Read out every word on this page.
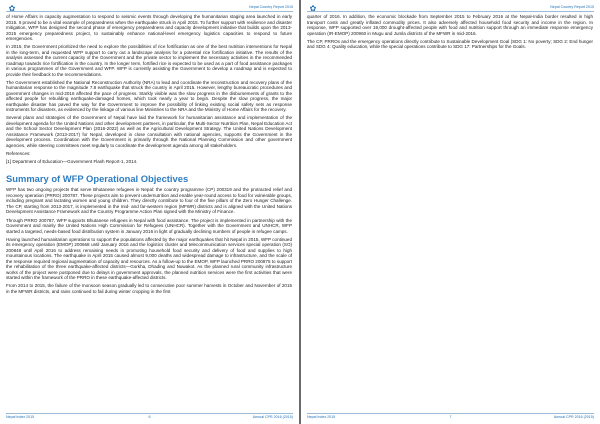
✿	Nepal Country Report 2015

of Home Affairs in capacity augmentation to respond to seismic events through developing the humanitarian staging area launched in early 2015. It proved to be a vital example of preparedness when the earthquake struck in April 2015. To further support with resilience and disaster mitigation, WFP has designed the second phase of emergency preparedness and capacity development initiative that builds upon the 2013-2015 emergency preparedness project, to sustainably enhance national-level emergency logistics capacities to respond to future emergencies.

In 2015, the Government prioritized the need to explore the possibilities of rice fortification as one of the best nutrition interventions for Nepal in the long-term, and requested WFP support to carry out a landscape analysis for a potential rice fortification initiative. The results of the analysis assessed the current capacity of the Government and the private sector to implement the necessary activities in the recommended roadmap towards rice fortification in the country. In the longer term, fortified rice is expected to be used as a part of food assistance packages in various programmes of the Government and WFP. WFP is currently assisting the Government to develop a roadmap and is expected to provide their feedback to the recommendations.

The Government established the National Reconstruction Authority (NRA) to lead and coordinate the reconstruction and recovery plans of the humanitarian response to the magnitude 7.8 earthquake that struck the country in April 2015. However, lengthy bureaucratic procedures and government changes in mid-2016 affected the pace of progress. Starkly visible was the slow progress in the disbursements of grants to the affected people for rebuilding earthquake-damaged homes, which took nearly a year to begin. Despite the slow progress, the major earthquake disaster has paved the way for the Government to improve the possibility of linking existing social safety nets as response instruments for disasters, as evidenced by the linkage of various line Ministries to the NRA and the Ministry of Home Affairs for the recovery.

Several plans and strategies of the Government of Nepal have laid the framework for humanitarian assistance and implementation of the development agenda for the United Nations and other development partners, in particular, the Multi-Sector Nutrition Plan, Nepal Education Act and the School Sector Development Plan (2016-2022) as well as the Agricultural Development Strategy. The United Nations Development Assistance Framework (2013-2017) for Nepal, developed in close consultation with national agencies, supports the Government in the development process. Coordination with the Government is primarily through the National Planning Commission and other government agencies, while steering committees meet regularly to coordinate the development agenda among all stakeholders.

References:

[1] Department of Education—Government Flash Report-1, 2014.

Summary of WFP Operational Objectives

WFP has two ongoing projects that serve Bhutanese refugees in Nepal: the country programme (CP) 200319 and the protracted relief and recovery operation (PRRO) 200787. These projects aim to prevent undernutrition and enable year-round access to food for vulnerable groups, including pregnant and lactating women and young children. They directly contribute to four of the five pillars of the Zero Hunger Challenge. The CP, starting from 2013-2017, is implemented in the mid- and far-western region (MFWR) districts and is aligned with the United Nations Development Assistance Framework and the Country Programme Action Plan signed with the Ministry of Finance.

Through PRRO 200787, WFP supports Bhutanese refugees in Nepal with food assistance. The project is implemented in partnership with the Government and mainly the United Nations High Commission for Refugees (UNHCR). Together with the Government and UNHCR, WFP started a targeted, needs-based food distribution system in January 2016 in light of gradually declining numbers of people in refugee camps.

Having launched humanitarian operations to support the populations affected by the major earthquakes that hit Nepal in 2015, WFP continued its emergency operation (EMOP) 200668 until January 2016 and the logistics cluster and telecommunication services special operation (SO) 200848 until April 2016 to address remaining needs in promoting household food security and delivery of food and supplies to high mountainous locations. The earthquake in April 2015 caused almost 9,000 deaths and widespread damage to infrastructure, and the scale of the response required regional augmentation of capacity and resources. As a follow-up to the EMOP, WFP launched PRRO 200875 to support the rehabilitation of the three earthquake-affected districts—Gorkha, Dhading and Nuwakot. As the planned rural community infrastructure works of the project were postponed due to delays in government approvals, the planned nutrition services were the first activities that were started within the framework of the PRRO in these earthquake-affected districts.

From 2014 to 2015, the failure of the monsoon season gradually led to consecutive poor summer harvests in October and November of 2015 in the MFWR districts, and rains continued to fail during winter cropping in the first

Nepal Index 2015	6	Annual CPR 2016 (2015)
✿	Nepal Country Report 2015

quarter of 2016. In addition, the economic blockade from September 2015 to February 2016 at the Nepal-India border resulted in high transport costs and greatly inflated commodity prices. It also adversely affected household food security and income in the region. In response, WFP supported over 19,000 drought-affected people with food and nutrition support through an immediate response emergency operation (IR-EMOP) 200960 in Mugu and Jumla districts of the MFWR in mid-2016.

The CP, PRROs and the emergency operations directly contribute to Sustainable Development Goal (SDG 1: No poverty; SDG 2: End hunger and SDG 4: Quality education, while the special operations contribute to SDG 17: Partnerships for the Goals.

Nepal Index 2015	7	Annual CPR 2016 (2015)
